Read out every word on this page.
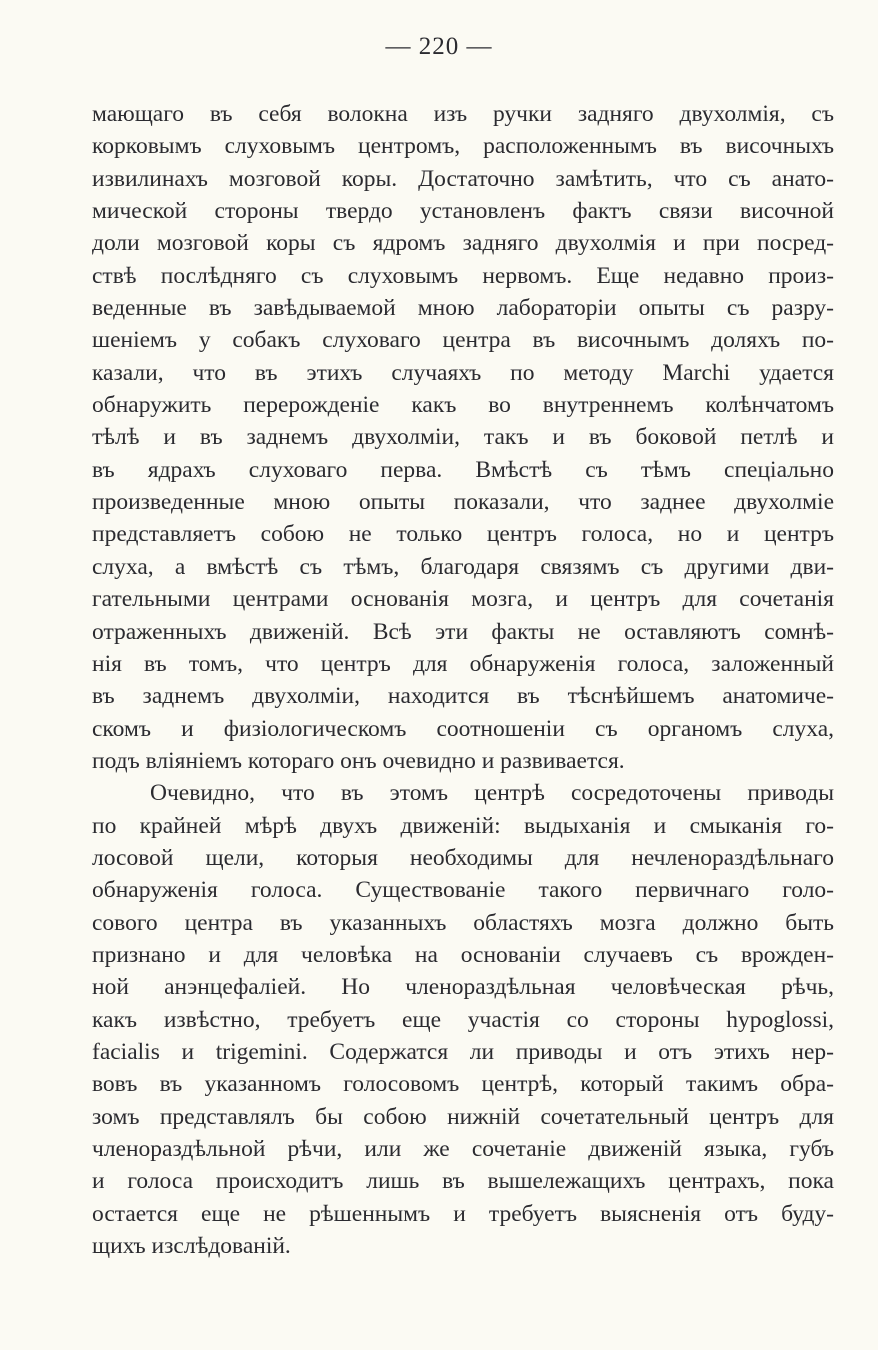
— 220 —
мающаго въ себя волокна изъ ручки задняго двухолмія, съ
корковымъ слуховымъ центромъ, расположеннымъ въ височныхъ
извилинахъ мозговой коры. Достаточно замѣтить, что съ анато-
мической стороны твердо установленъ фактъ связи височной
доли мозговой коры съ ядромъ задняго двухолмія и при посред-
ствѣ послѣдняго съ слуховымъ нервомъ. Еще недавно произ-
веденные въ завѣдываемой мною лабораторіи опыты съ разру-
шеніемъ у собакъ слуховаго центра въ височнымъ доляхъ по-
казали, что въ этихъ случаяхъ по методу Marchi удается
обнаружить перерожденіе какъ во внутреннемъ колѣнчатомъ
тѣлѣ и въ заднемъ двухолміи, такъ и въ боковой петлѣ и
въ ядрахъ слуховаго перва. Вмѣстѣ съ тѣмъ спеціально
произведенные мною опыты показали, что заднее двухолміе
представляетъ собою не только центръ голоса, но и центръ
слуха, а вмѣстѣ съ тѣмъ, благодаря связямъ съ другими дви-
гательными центрами основанія мозга, и центръ для сочетанія
отраженныхъ движеній. Всѣ эти факты не оставляютъ сомнѣ-
нія въ томъ, что центръ для обнаруженія голоса, заложенный
въ заднемъ двухолміи, находится въ тѣснѣйшемъ анатомиче-
скомъ и физіологическомъ соотношеніи съ органомъ слуха,
подъ вліяніемъ котораго онъ очевидно и развивается.
Очевидно, что въ этомъ центрѣ сосредоточены приводы
по крайней мѣрѣ двухъ движеній: выдыханія и смыканія го-
лосовой щели, которыя необходимы для нечленораздѣльнаго
обнаруженія голоса. Существованіе такого первичнаго голо-
сового центра въ указанныхъ областяхъ мозга должно быть
признано и для человѣка на основаніи случаевъ съ врожден-
ной анэнцефаліей. Но членораздѣльная человѣческая рѣчь,
какъ извѣстно, требуетъ еще участія со стороны hypoglossi,
facialis и trigemini. Содержатся ли приводы и отъ этихъ нер-
вовъ въ указанномъ голосовомъ центрѣ, который такимъ обра-
зомъ представлялъ бы собою нижній сочетательный центръ для
членораздѣльной рѣчи, или же сочетаніе движеній языка, губъ
и голоса происходитъ лишь въ вышележащихъ центрахъ, пока
остается еще не рѣшеннымъ и требуетъ выясненія отъ буду-
щихъ изслѣдованій.
